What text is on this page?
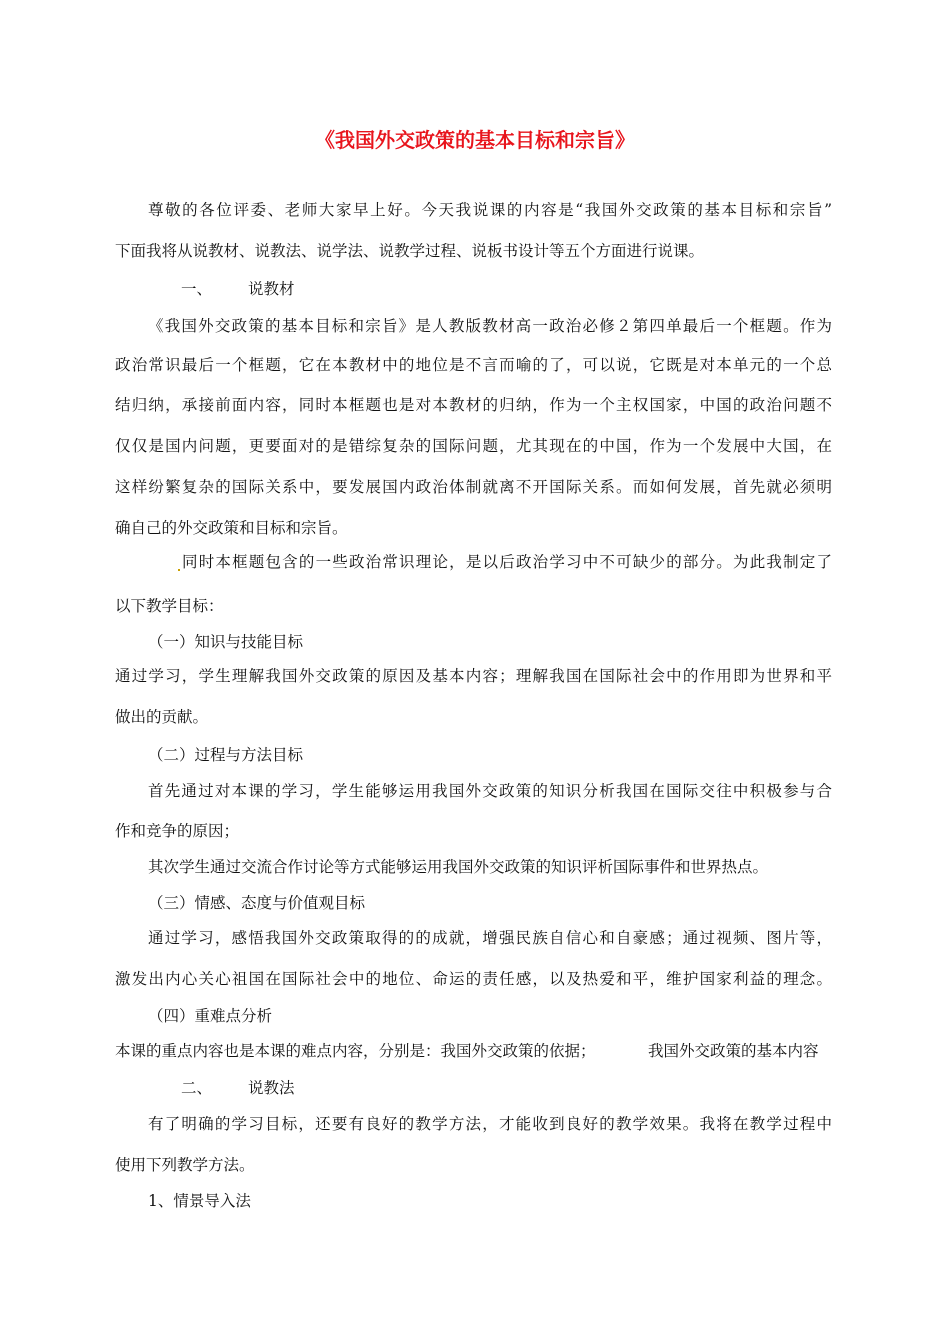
《我国外交政策的基本目标和宗旨》
尊敬的各位评委、老师大家早上好。今天我说课的内容是“我国外交政策的基本目标和宗旨”
下面我将从说教材、说教法、说学法、说教学过程、说板书设计等五个方面进行说课。
一、 说教材
《我国外交政策的基本目标和宗旨》是人教版教材高一政治必修２第四单最后一个框题。作为
政治常识最后一个框题，它在本教材中的地位是不言而喻的了，可以说，它既是对本单元的一个总
结归纳，承接前面内容，同时本框题也是对本教材的归纳，作为一个主权国家，中国的政治问题不
仅仅是国内问题，更要面对的是错综复杂的国际问题，尤其现在的中国，作为一个发展中大国，在
这样纷繁复杂的国际关系中，要发展国内政治体制就离不开国际关系。而如何发展，首先就必须明
确自己的外交政策和目标和宗旨。
同时本框题包含的一些政治常识理论，是以后政治学习中不可缺少的部分。为此我制定了
以下教学目标：
（一）知识与技能目标
通过学习，学生理解我国外交政策的原因及基本内容；理解我国在国际社会中的作用即为世界和平
做出的贡献。
（二）过程与方法目标
首先通过对本课的学习，学生能够运用我国外交政策的知识分析我国在国际交往中积极参与合
作和竞争的原因；
其次学生通过交流合作讨论等方式能够运用我国外交政策的知识评析国际事件和世界热点。
（三）情感、态度与价值观目标
通过学习，感悟我国外交政策取得的的成就，增强民族自信心和自豪感；通过视频、图片等，
激发出内心关心祖国在国际社会中的地位、命运的责任感，以及热爱和平，维护国家利益的理念。
（四）重难点分析
本课的重点内容也是本课的难点内容，分别是：我国外交政策的依据；	我国外交政策的基本内容
二、 说教法
有了明确的学习目标，还要有良好的教学方法，才能收到良好的教学效果。我将在教学过程中
使用下列教学方法。
1、情景导入法
